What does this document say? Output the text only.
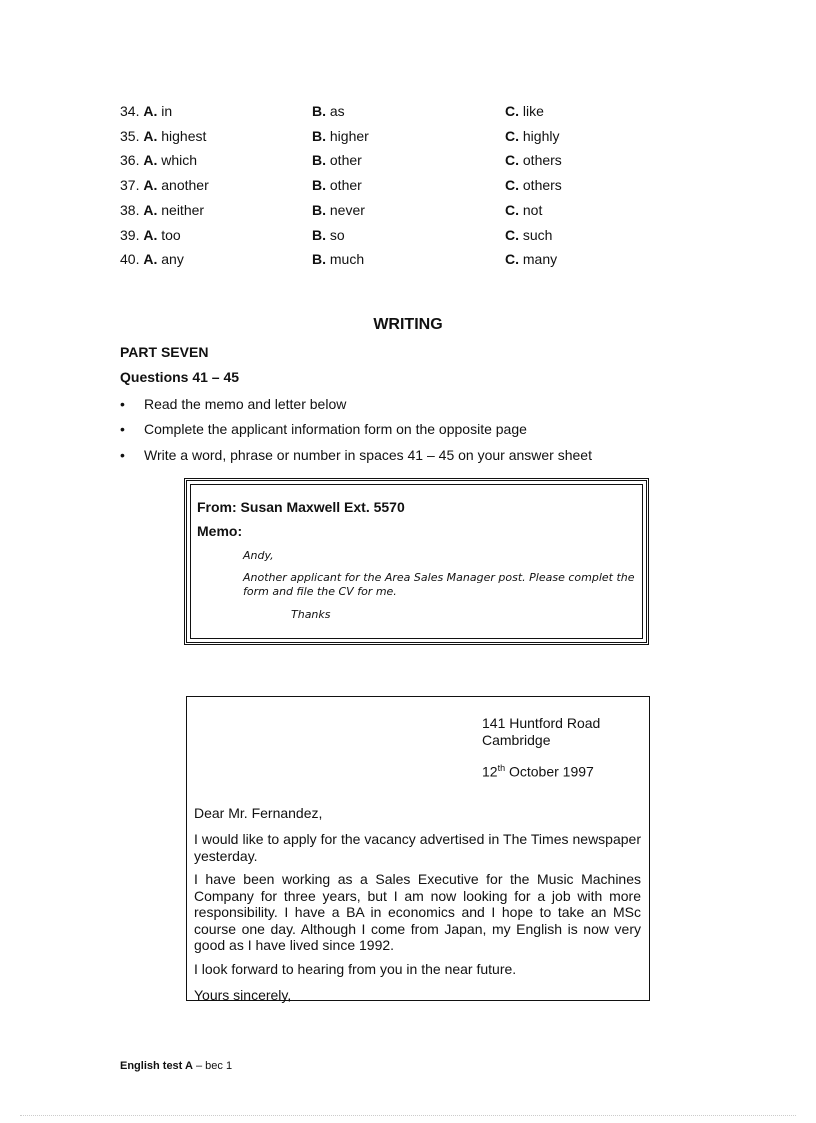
34. A. in	B. as	C. like
35. A. highest	B. higher	C. highly
36. A. which	B. other	C. others
37. A. another	B. other	C. others
38. A. neither	B. never	C. not
39. A. too	B. so	C. such
40. A. any	B. much	C. many
WRITING
PART SEVEN
Questions 41 – 45
• Read the memo and letter below
• Complete the applicant information form on the opposite page
• Write a word, phrase or number in spaces 41 – 45 on your answer sheet
From: Susan Maxwell Ext. 5570
Memo:
Andy,
Another applicant for the Area Sales Manager post. Please complet the form and file the CV for me.
Thanks
141 Huntford Road
Cambridge
12th October 1997
Dear Mr. Fernandez,
I would like to apply for the vacancy advertised in The Times newspaper yesterday.
I have been working as a Sales Executive for the Music Machines Company for three years, but I am now looking for a job with more responsibility. I have a BA in economics and I hope to take an MSc course one day. Although I come from Japan, my English is now very good as I have lived since 1992.
I look forward to hearing from you in the near future.
Yours sincerely,
English test A – bec 1
